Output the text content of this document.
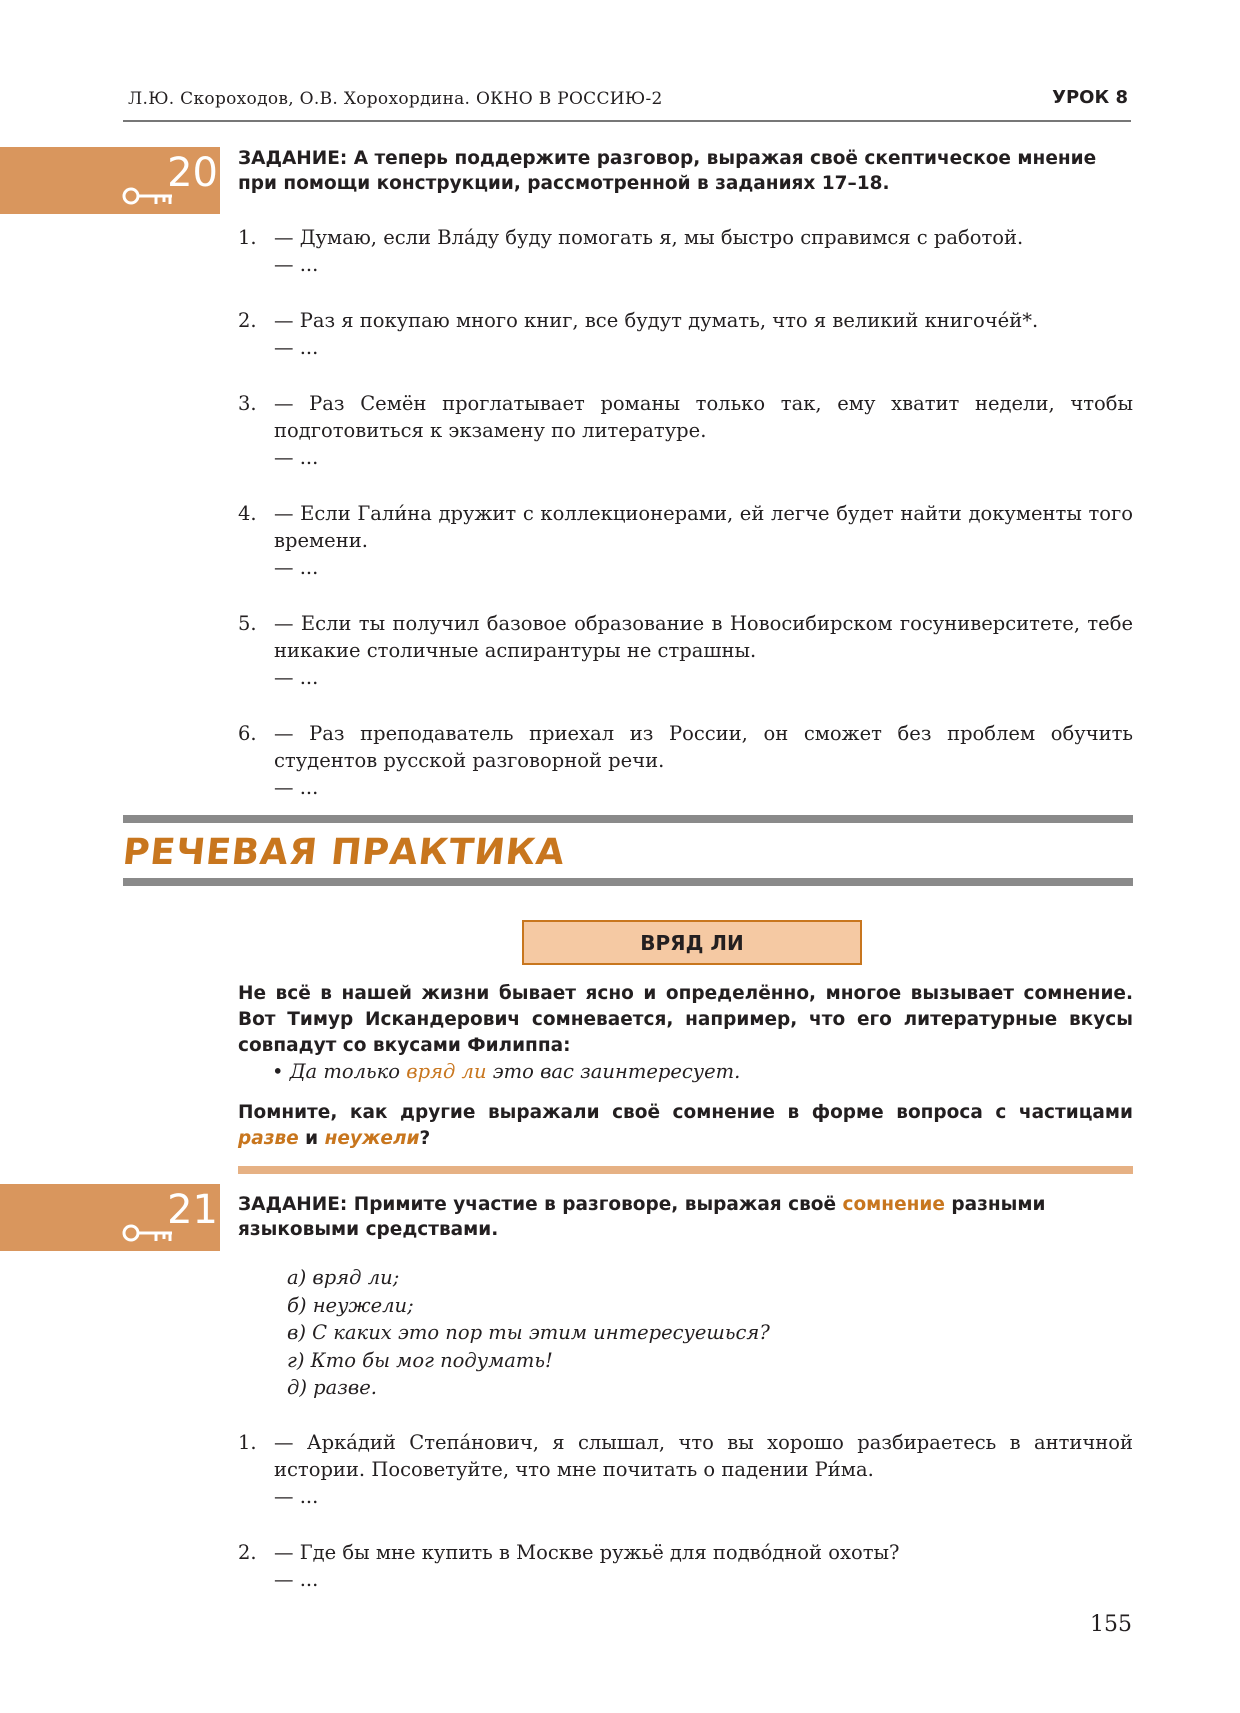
Л.Ю. Скороходов, О.В. Хорохордина. ОКНО В РОССИЮ-2	УРОК 8
20 ЗАДАНИЕ: А теперь поддержите разговор, выражая своё скептическое мнение при помощи конструкции, рассмотренной в заданиях 17–18.
1. — Думаю, если Вла́ду буду помогать я, мы быстро справимся с работой.
— ...
2. — Раз я покупаю много книг, все будут думать, что я великий книгоче́й*.
— ...
3. — Раз Семён проглатывает романы только так, ему хватит недели, чтобы подготовиться к экзамену по литературе.
— ...
4. — Если Гали́на дружит с коллекционерами, ей легче будет найти документы того времени.
— ...
5. — Если ты получил базовое образование в Новосибирском госуниверситете, тебе никакие столичные аспирантуры не страшны.
— ...
6. — Раз преподаватель приехал из России, он сможет без проблем обучить студентов русской разговорной речи.
— ...
РЕЧЕВАЯ ПРАКТИКА
ВРЯД ЛИ
Не всё в нашей жизни бывает ясно и определённо, многое вызывает сомнение. Вот Тимур Искандерович сомневается, например, что его литературные вкусы совпадут со вкусами Филиппа:
• Да только вряд ли это вас заинтересует.
Помните, как другие выражали своё сомнение в форме вопроса с частицами разве и неужели?
21 ЗАДАНИЕ: Примите участие в разговоре, выражая своё сомнение разными языковыми средствами.
а) вряд ли;
б) неужели;
в) С каких это пор ты этим интересуешься?
г) Кто бы мог подумать!
д) разве.
1. — Арка́дий Степа́нович, я слышал, что вы хорошо разбираетесь в античной истории. Посоветуйте, что мне почитать о падении Ри́ма.
— ...
2. — Где бы мне купить в Москве ружьё для подво́дной охоты?
— ...
155
